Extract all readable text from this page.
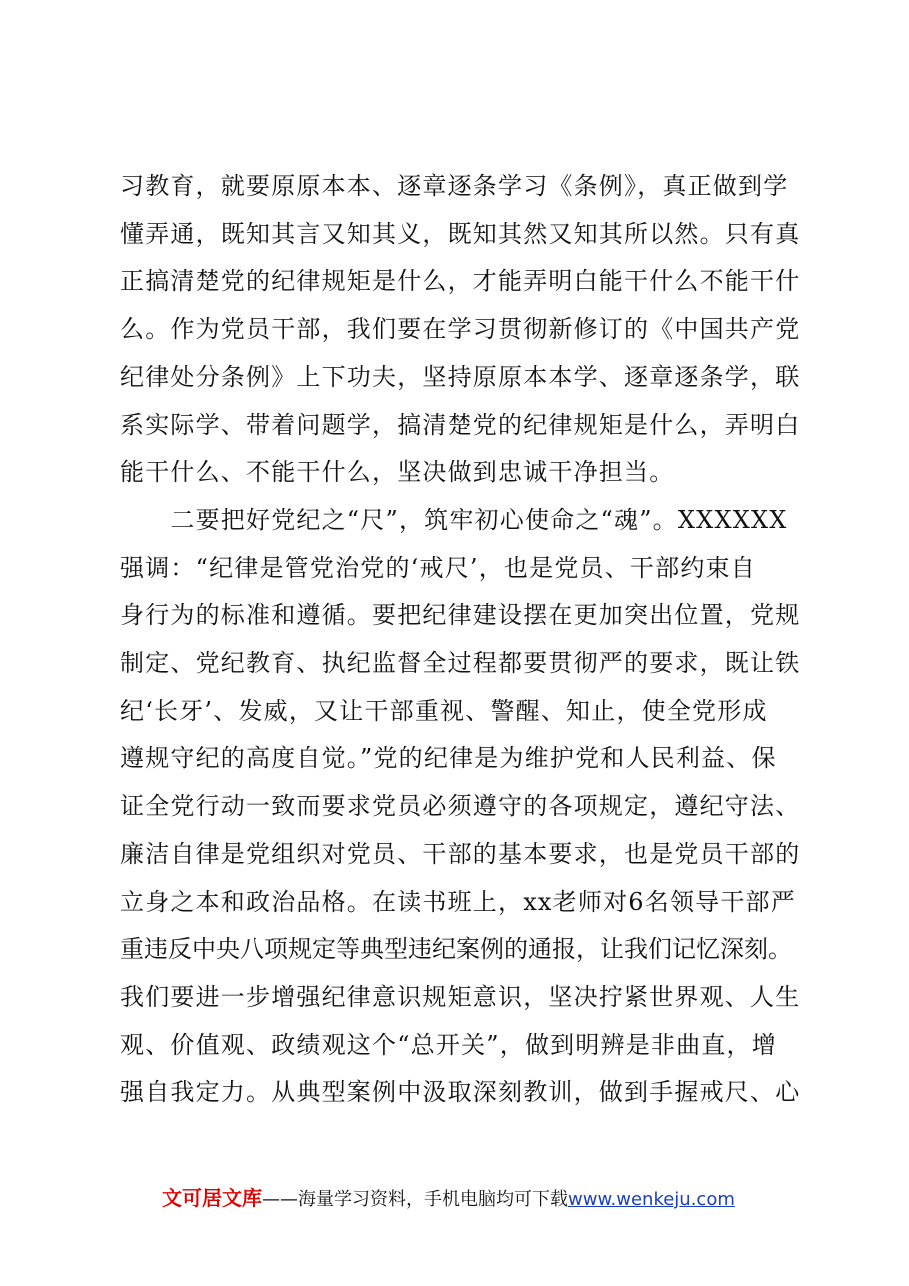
习教育，就要原原本本、逐章逐条学习《条例》，真正做到学
懂弄通，既知其言又知其义，既知其然又知其所以然。只有真
正搞清楚党的纪律规矩是什么，才能弄明白能干什么不能干什
么。作为党员干部，我们要在学习贯彻新修订的《中国共产党
纪律处分条例》上下功夫，坚持原原本本学、逐章逐条学，联
系实际学、带着问题学，搞清楚党的纪律规矩是什么，弄明白
能干什么、不能干什么，坚决做到忠诚干净担当。
　　二要把好党纪之“尺”，筑牢初心使命之“魂”。XXXXXX
强调：“纪律是管党治党的‘戒尺’，也是党员、干部约束自
身行为的标准和遵循。要把纪律建设摆在更加突出位置，党规
制定、党纪教育、执纪监督全过程都要贯彻严的要求，既让铁
纪‘长牙’、发威，又让干部重视、警醒、知止，使全党形成
遵规守纪的高度自觉。”党的纪律是为维护党和人民利益、保
证全党行动一致而要求党员必须遵守的各项规定，遵纪守法、
廉洁自律是党组织对党员、干部的基本要求，也是党员干部的
立身之本和政治品格。在读书班上，xx老师对6名领导干部严
重违反中央八项规定等典型违纪案例的通报，让我们记忆深刻。
我们要进一步增强纪律意识规矩意识，坚决拧紧世界观、人生
观、价值观、政绩观这个“总开关”，做到明辨是非曲直，增
强自我定力。从典型案例中汲取深刻教训，做到手握戒尺、心
文可居文库——海量学习资料，手机电脑均可下载www.wenkeju.com
